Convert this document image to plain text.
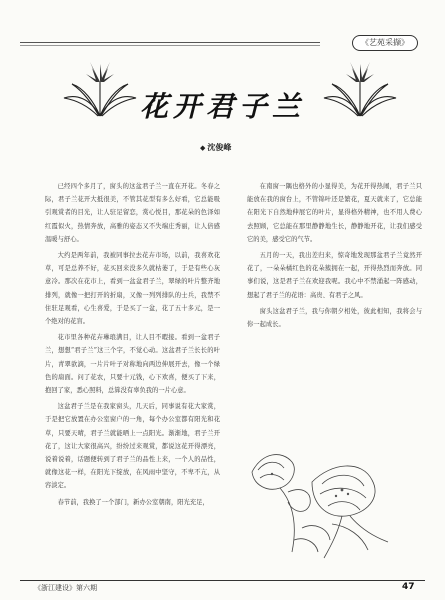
《艺苑采撷》
花开君子兰
◆ 沈俊峰

已经四个多月了，窗头的这盆君子兰一直在开花。冬春之际，君子兰花开大抵很美，不管其花型有多么好看，它总能吸引观赏者的目光，让人驻足留恋，赏心悦目，那花朵的色泽如红霞似火，热情奔放，高雅的姿态又不失端庄秀丽，让人倍感温暖与舒心。

大约是两年前，我被同事拉去花卉市场，以前，我喜欢花草，可是总养不好，花买回来没多久就枯萎了，于是有些心灰意冷。那次在花市上，看到一盆盆君子兰，翠绿的叶片整齐地排列，就像一把打开的折扇，又像一列列排队的士兵，我禁不住驻足观看，心生喜爱，于是买了一盆，花了五十多元，是一个绝对的花盲。

花市里各种花卉琳琅满目，让人目不暇接。看到一盆君子兰，想想“君子兰”这三个字，不觉心动。这盆君子兰长长的叶片，青翠欲滴，一片片叶子对称地向两边伸展开去，像一个绿色的扇面。问了花农，只要十元钱，心下欢喜，便买了下来，抱回了家，悉心照料，总算没有辜负我的一片心意。

这盆君子兰是在我家窗头，几天后，同事说有花大家赏，于是把它放置在办公室窗户的一角，每个办公室都有阳光和花草，只要天晴，君子兰就能晒上一点阳光。渐渐地，君子兰开花了，这让大家很高兴，纷纷过来观赏，都说这花开得漂亮，说着说着，话题便转到了君子兰的品性上来，一个人的品性，就像这花一样，在阳光下绽放，在风雨中坚守，不卑不亢，从容淡定。

春节前，我换了一个部门，新办公室朝南，阳光充足，

在南窗一隅也格外的小显得美，为花开得热闹，君子兰只能放在我的窗台上，不管锦叶还是繁花，夏天就来了，它总能在阳光下自然地伸展它的叶片，显得格外精神，也不用人费心去照顾，它总能在那里静静地生长，静静地开花，让我们感受它的美，感受它的气节。

五月的一天，我出差归来，惊奇地发现那盆君子兰竟然开花了，一朵朵橘红色的花朵簇拥在一起，开得热烈而奔放。同事们说，这是君子兰在欢迎我呢。我心中不禁涌起一阵感动，想起了君子兰的花语：高贵、有君子之风。

窗头这盆君子兰，我与你朝夕相处，彼此相知，我将会与你一起成长。

《浙江建设》第六期	47
